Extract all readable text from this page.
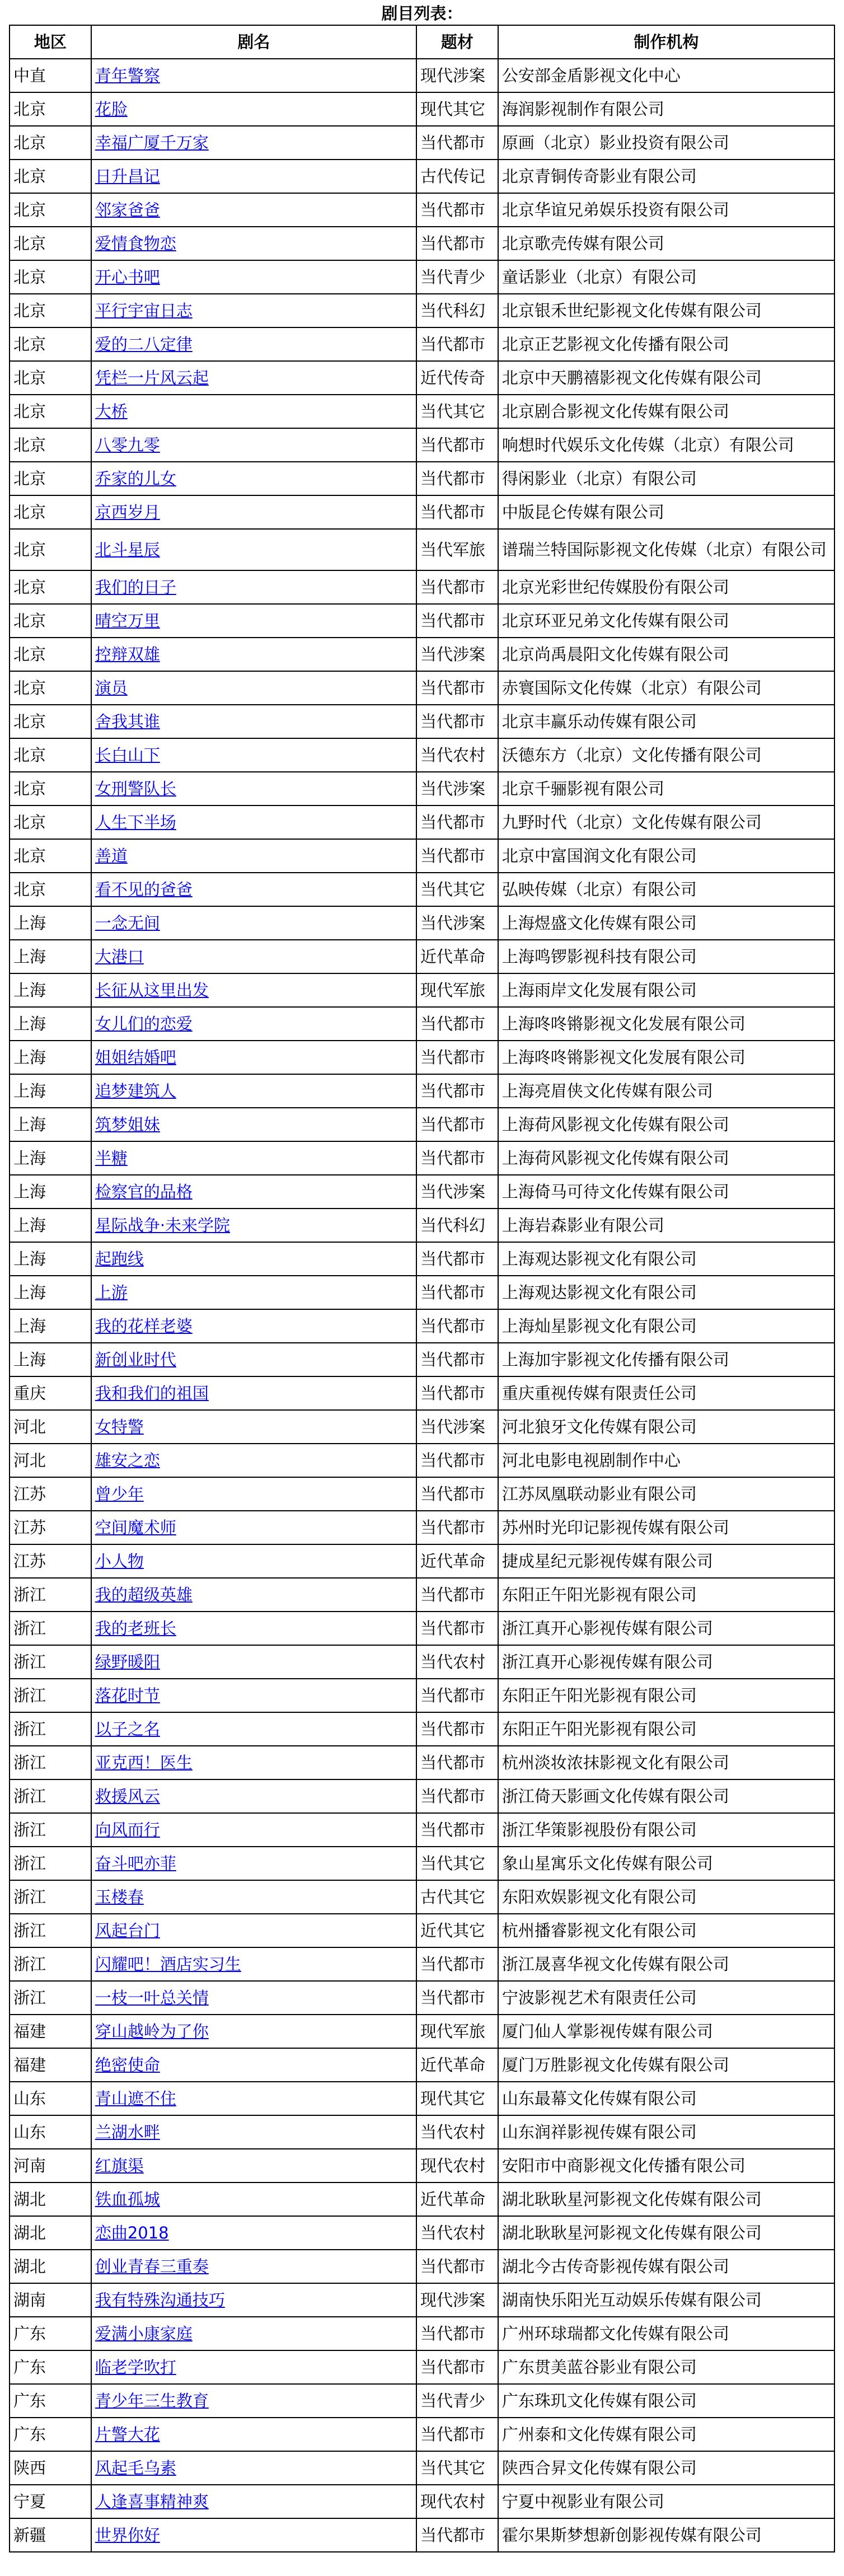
剧目列表：
地区	剧名	题材	制作机构
中直	青年警察	现代涉案 公安部金盾影视文化中心
北京	花脸	现代其它 海润影视制作有限公司
北京	幸福广厦千万家	当代都市 原画（北京）影业投资有限公司
北京	日升昌记	古代传记 北京青铜传奇影业有限公司
北京	邻家爸爸	当代都市 北京华谊兄弟娱乐投资有限公司
北京	爱情食物恋	当代都市 北京歌壳传媒有限公司
北京	开心书吧	当代青少 童话影业（北京）有限公司
北京	平行宇宙日志	当代科幻 北京银禾世纪影视文化传媒有限公司
北京	爱的二八定律	当代都市 北京正艺影视文化传播有限公司
北京	凭栏一片风云起	近代传奇 北京中天鹏禧影视文化传媒有限公司
北京	大桥	当代其它 北京剧合影视文化传媒有限公司
北京	八零九零	当代都市 响想时代娱乐文化传媒（北京）有限公司
北京	乔家的儿女	当代都市 得闲影业（北京）有限公司
北京	京西岁月	当代都市 中版昆仑传媒有限公司
北京	北斗星辰	当代军旅 谱瑞兰特国际影视文化传媒（北京）有限公司
北京	我们的日子	当代都市 北京光彩世纪传媒股份有限公司
北京	晴空万里	当代都市 北京环亚兄弟文化传媒有限公司
北京	控辩双雄	当代涉案 北京尚禹晨阳文化传媒有限公司
北京	演员	当代都市 赤寰国际文化传媒（北京）有限公司
北京	舍我其谁	当代都市 北京丰赢乐动传媒有限公司
北京	长白山下	当代农村 沃德东方（北京）文化传播有限公司
北京	女刑警队长	当代涉案 北京千骊影视有限公司
北京	人生下半场	当代都市 九野时代（北京）文化传媒有限公司
北京	善道	当代都市 北京中富国润文化有限公司
北京	看不见的爸爸	当代其它 弘映传媒（北京）有限公司
上海	一念无间	当代涉案 上海煜盛文化传媒有限公司
上海	大港口	近代革命 上海鸣锣影视科技有限公司
上海	长征从这里出发	现代军旅 上海雨岸文化发展有限公司
上海	女儿们的恋爱	当代都市 上海咚咚锵影视文化发展有限公司
上海	姐姐结婚吧	当代都市 上海咚咚锵影视文化发展有限公司
上海	追梦建筑人	当代都市 上海亮眉侠文化传媒有限公司
上海	筑梦姐妹	当代都市 上海荷风影视文化传媒有限公司
上海	半糖	当代都市 上海荷风影视文化传媒有限公司
上海	检察官的品格	当代涉案 上海倚马可待文化传媒有限公司
上海	星际战争·未来学院	当代科幻 上海岩森影业有限公司
上海	起跑线	当代都市 上海观达影视文化有限公司
上海	上游	当代都市 上海观达影视文化有限公司
上海	我的花样老婆	当代都市 上海灿星影视文化有限公司
上海	新创业时代	当代都市 上海加宇影视文化传播有限公司
重庆	我和我们的祖国	当代都市 重庆重视传媒有限责任公司
河北	女特警	当代涉案 河北狼牙文化传媒有限公司
河北	雄安之恋	当代都市 河北电影电视剧制作中心
江苏	曾少年	当代都市 江苏凤凰联动影业有限公司
江苏	空间魔术师	当代都市 苏州时光印记影视传媒有限公司
江苏	小人物	近代革命 捷成星纪元影视传媒有限公司
浙江	我的超级英雄	当代都市 东阳正午阳光影视有限公司
浙江	我的老班长	当代都市 浙江真开心影视传媒有限公司
浙江	绿野暖阳	当代农村 浙江真开心影视传媒有限公司
浙江	落花时节	当代都市 东阳正午阳光影视有限公司
浙江	以子之名	当代都市 东阳正午阳光影视有限公司
浙江	亚克西！医生	当代都市 杭州淡妆浓抹影视文化有限公司
浙江	救援风云	当代都市 浙江倚天影画文化传媒有限公司
浙江	向风而行	当代都市 浙江华策影视股份有限公司
浙江	奋斗吧亦菲	当代其它 象山星寓乐文化传媒有限公司
浙江	玉楼春	古代其它 东阳欢娱影视文化有限公司
浙江	风起台门	近代其它 杭州播睿影视文化有限公司
浙江	闪耀吧！酒店实习生	当代都市 浙江晟喜华视文化传媒有限公司
浙江	一枝一叶总关情	当代都市 宁波影视艺术有限责任公司
福建	穿山越岭为了你	现代军旅 厦门仙人掌影视传媒有限公司
福建	绝密使命	近代革命 厦门万胜影视文化传媒有限公司
山东	青山遮不住	现代其它 山东最幕文化传媒有限公司
山东	兰湖水畔	当代农村 山东润祥影视传媒有限公司
河南	红旗渠	现代农村 安阳市中商影视文化传播有限公司
湖北	铁血孤城	近代革命 湖北耿耿星河影视文化传媒有限公司
湖北	恋曲2018	当代农村 湖北耿耿星河影视文化传媒有限公司
湖北	创业青春三重奏	当代都市 湖北今古传奇影视传媒有限公司
湖南	我有特殊沟通技巧	现代涉案 湖南快乐阳光互动娱乐传媒有限公司
广东	爱满小康家庭	当代都市 广州环球瑞都文化传媒有限公司
广东	临老学吹打	当代都市 广东贯美蓝谷影业有限公司
广东	青少年三生教育	当代青少 广东珠玑文化传媒有限公司
广东	片警大花	当代都市 广州泰和文化传媒有限公司
陕西	风起毛乌素	当代其它 陕西合昇文化传媒有限公司
宁夏	人逢喜事精神爽	现代农村 宁夏中视影业有限公司
新疆	世界你好	当代都市 霍尔果斯梦想新创影视传媒有限公司
